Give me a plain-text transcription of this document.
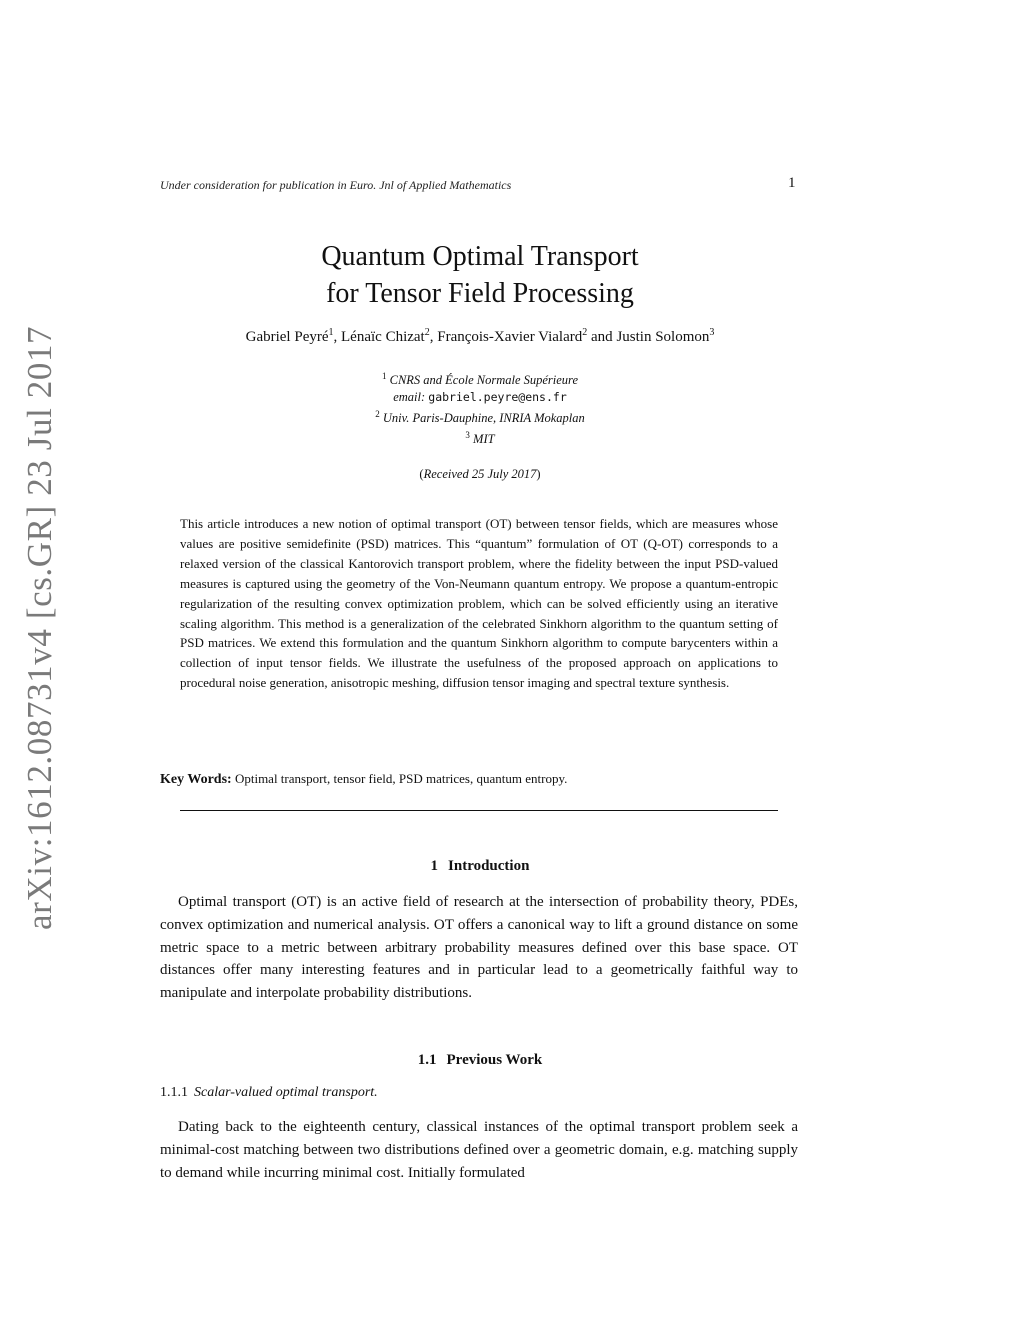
arXiv:1612.08731v4 [cs.GR] 23 Jul 2017
Under consideration for publication in Euro. Jnl of Applied Mathematics	1
Quantum Optimal Transport
for Tensor Field Processing
Gabriel Peyré$^1$, Lénaïc Chizat$^2$, François-Xavier Vialard$^2$ and Justin Solomon$^3$
$^1$ CNRS and École Normale Supérieure
email: gabriel.peyre@ens.fr
$^2$ Univ. Paris-Dauphine, INRIA Mokaplan
$^3$ MIT
(Received 25 July 2017)
This article introduces a new notion of optimal transport (OT) between tensor fields, which are measures whose values are positive semidefinite (PSD) matrices. This “quantum” formulation of OT (Q-OT) corresponds to a relaxed version of the classical Kantorovich transport problem, where the fidelity between the input PSD-valued measures is captured using the geometry of the Von-Neumann quantum entropy. We propose a quantum-entropic regularization of the resulting convex optimization problem, which can be solved efficiently using an iterative scaling algorithm. This method is a generalization of the celebrated Sinkhorn algorithm to the quantum setting of PSD matrices. We extend this formulation and the quantum Sinkhorn algorithm to compute barycenters within a collection of input tensor fields. We illustrate the usefulness of the proposed approach on applications to procedural noise generation, anisotropic meshing, diffusion tensor imaging and spectral texture synthesis.
Key Words: Optimal transport, tensor field, PSD matrices, quantum entropy.
1 Introduction
Optimal transport (OT) is an active field of research at the intersection of probability theory, PDEs, convex optimization and numerical analysis. OT offers a canonical way to lift a ground distance on some metric space to a metric between arbitrary probability measures defined over this base space. OT distances offer many interesting features and in particular lead to a geometrically faithful way to manipulate and interpolate probability distributions.
1.1 Previous Work
1.1.1 Scalar-valued optimal transport.
Dating back to the eighteenth century, classical instances of the optimal transport problem seek a minimal-cost matching between two distributions defined over a geometric domain, e.g. matching supply to demand while incurring minimal cost. Initially formulated
